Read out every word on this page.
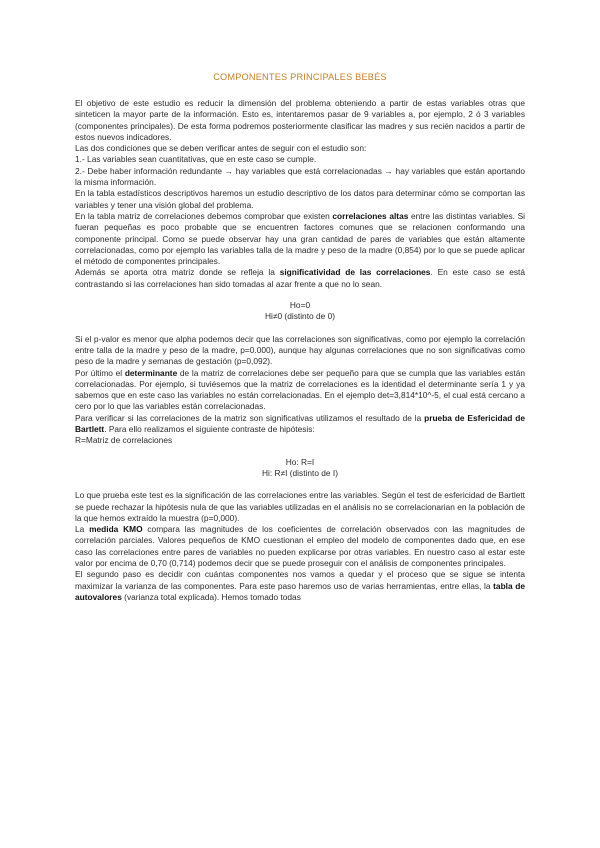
COMPONENTES PRINCIPALES BEBÉS

El objetivo de este estudio es reducir la dimensión del problema obteniendo a partir de estas variables otras que sinteticen la mayor parte de la información. Esto es, intentaremos pasar de 9 variables a, por ejemplo, 2 ó 3 variables (componentes principales). De esta forma podremos posteriormente clasificar las madres y sus recién nacidos a partir de estos nuevos indicadores.

Las dos condiciones que se deben verificar antes de seguir con el estudio son:

1.- Las variables sean cuantitativas, que en este caso se cumple.

2.- Debe haber información redundante → hay variables que está correlacionadas → hay variables que están aportando la misma información.

En la tabla estadísticos descriptivos haremos un estudio descriptivo de los datos para determinar cómo se comportan las variables y tener una visión global del problema.

En la tabla matriz de correlaciones debemos comprobar que existen correlaciones altas entre las distintas variables. Si fueran pequeñas es poco probable que se encuentren factores comunes que se relacionen conformando una componente principal. Como se puede observar hay una gran cantidad de pares de variables que están altamente correlacionadas, como por ejemplo las variables talla de la madre y peso de la madre (0,854) por lo que se puede aplicar el método de componentes principales.

Además se aporta otra matriz donde se refleja la significatividad de las correlaciones. En este caso se está contrastando si las correlaciones han sido tomadas al azar frente a que no lo sean.

Ho=0

Hi≠0 (distinto de 0)

Si el p-valor es menor que alpha podemos decir que las correlaciones son significativas, como por ejemplo la correlación entre talla de la madre y peso de la madre, p=0.000), aunque hay algunas correlaciones que no son significativas como peso de la madre y semanas de gestación (p=0,092).

Por último el determinante de la matriz de correlaciones debe ser pequeño para que se cumpla que las variables están correlacionadas. Por ejemplo, si tuviésemos que la matriz de correlaciones es la identidad el determinante sería 1 y ya sabemos que en este caso las variables no están correlacionadas. En el ejemplo det=3,814*10^-5, el cual está cercano a cero por lo que las variables están correlacionadas.

Para verificar si las correlaciones de la matriz son significativas utilizamos el resultado de la prueba de Esfericidad de Bartlett. Para ello realizamos el siguiente contraste de hipótesis:

R=Matriz de correlaciones

Ho: R=I

Hi: R≠I (distinto de I)

Lo que prueba este test es la significación de las correlaciones entre las variables. Según el test de esfericidad de Bartlett se puede rechazar la hipótesis nula de que las variables utilizadas en el análisis no se correlacionarian en la población de la que hemos extraído la muestra (p=0,000).

La medida KMO compara las magnitudes de los coeficientes de correlación observados con las magnitudes de correlación parciales. Valores pequeños de KMO cuestionan el empleo del modelo de componentes dado que, en ese caso las correlaciones entre pares de variables no pueden explicarse por otras variables. En nuestro caso al estar este valor por encima de 0,70 (0,714) podemos decir que se puede proseguir con el análisis de componentes principales.

El segundo paso es decidir con cuántas componentes nos vamos a quedar y el proceso que se sigue se intenta maximizar la varianza de las componentes. Para este paso haremos uso de varias herramientas, entre ellas, la tabla de autovalores (varianza total explicada). Hemos tomado todas
